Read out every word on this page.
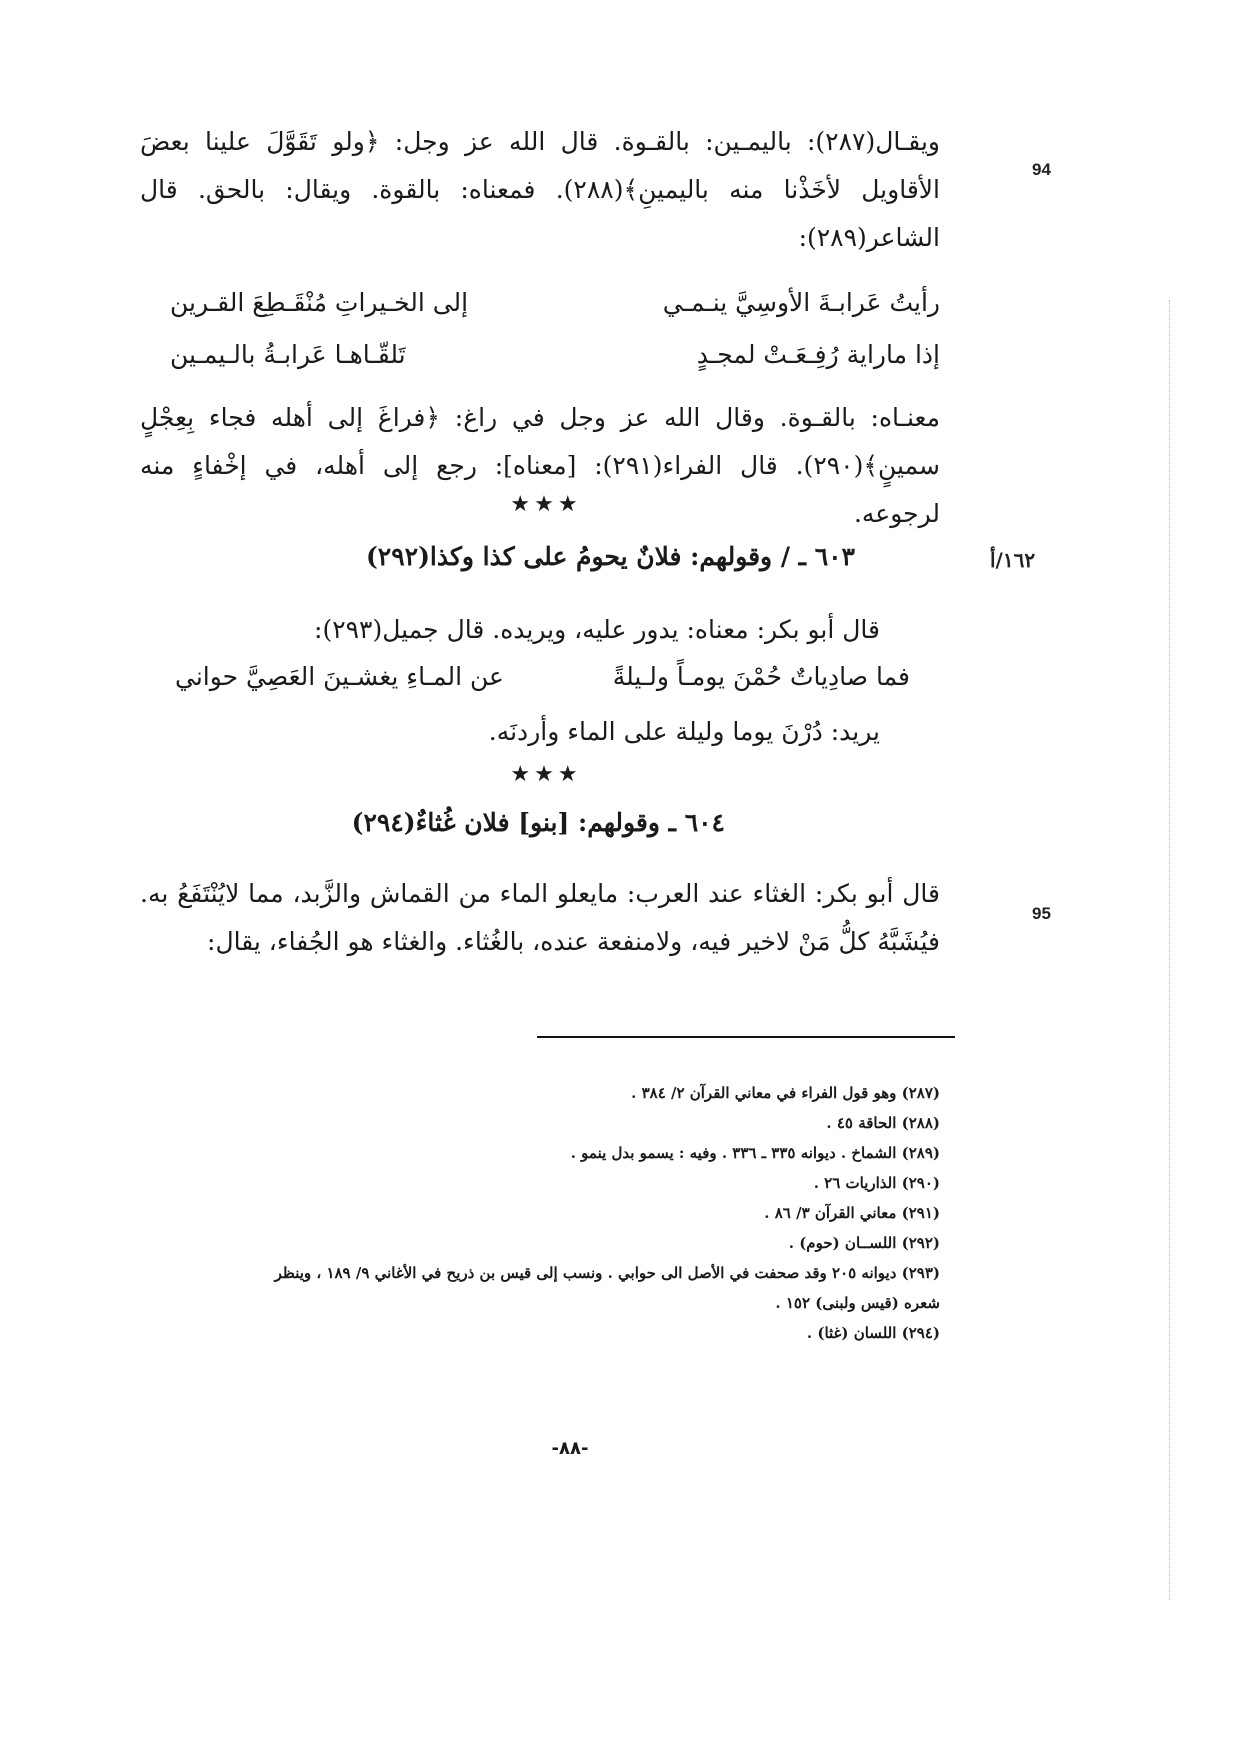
94
١٦٢/أ
95

ويقـال(٢٨٧): باليمـين: بالقـوة. قال الله عز وجل: ﴿ولو تَقَوَّلَ علينا بعضَ الأقاويل لأخَذْنا منه باليمينِ﴾(٢٨٨). فمعناه: بالقوة. ويقال: بالحق. قال الشاعر(٢٨٩):

رأيتُ عَرابـةَ الأوسِيَّ ينـمـي
إلى الخـيراتِ مُنْقَـطِعَ القـرين
إذا ماراية رُفِـعَـتْ لمجـدٍ
تَلقّـاهـا عَرابـةُ بالـيمـين

معنـاه: بالقـوة. وقال الله عز وجل في راغ: ﴿فراغَ إلى أهله فجاء بِعِجْلٍ سمينٍ﴾(٢٩٠). قال الفراء(٢٩١): [معناه]: رجع إلى أهله، في إخْفاءٍ منه لرجوعه.

★★★
٦٠٣ ـ / وقولهم: فلانٌ يحومُ على كذا وكذا(٢٩٢)

قال أبو بكر: معناه: يدور عليه، ويريده. قال جميل(٢٩٣):

فما صادِياتٌ حُمْنَ يومـاً ولـيلةً
عن المـاءِ يغشـينَ العَصِيَّ حواني

يريد: دُرْنَ يوما وليلة على الماء وأردنَه.

★★★
٦٠٤ ـ وقولهم: [بنو] فلان غُثاءٌ(٢٩٤)

قال أبو بكر: الغثاء عند العرب: مايعلو الماء من القماش والزَّبد، مما لايُنْتَفَعُ به. فيُشَبَّهُ كلُّ مَنْ لاخير فيه، ولامنفعة عنده، بالغُثاء. والغثاء هو الجُفاء، يقال:

(٢٨٧) وهو قول الفراء في معاني القرآن ٢/ ٣٨٤ .
(٢٨٨) الحاقة ٤٥ .
(٢٨٩) الشماخ . ديوانه ٣٣٥ ـ ٣٣٦ . وفيه : يسمو بدل ينمو .
(٢٩٠) الذاريات ٢٦ .
(٢٩١) معاني القرآن ٣/ ٨٦ .
(٢٩٢) اللســان (حوم) .
(٢٩٣) ديوانه ٢٠٥ وقد صحفت في الأصل الى حوابي . ونسب إلى قيس بن ذريح في الأغاني ٩/ ١٨٩ ، وينظر
شعره (قيس ولبنى) ١٥٢ .
(٢٩٤) اللسان (غثا) .
-٨٨-
